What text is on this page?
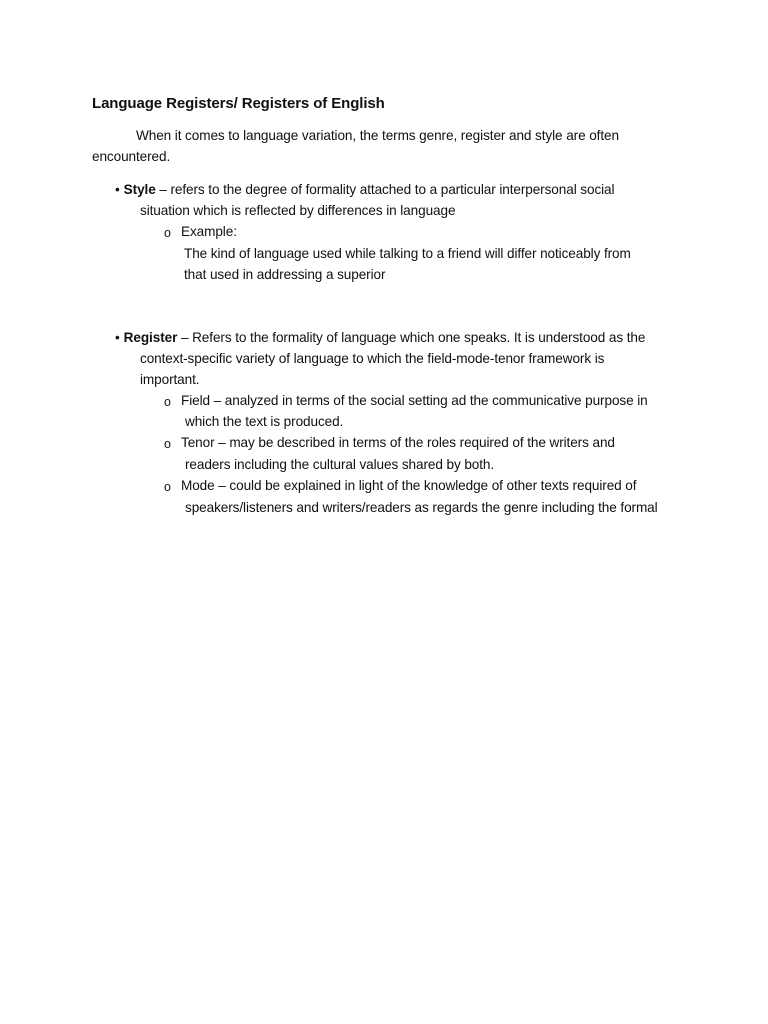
Language Registers/ Registers of English

When it comes to language variation, the terms genre, register and style are often

encountered.

• Style – refers to the degree of formality attached to a particular interpersonal social

situation which is reflected by differences in language

o Example:

The kind of language used while talking to a friend will differ noticeably from

that used in addressing a superior

• Register – Refers to the formality of language which one speaks. It is understood as the

context-specific variety of language to which the field-mode-tenor framework is

important.

o Field – analyzed in terms of the social setting ad the communicative purpose in

which the text is produced.

o Tenor – may be described in terms of the roles required of the writers and

readers including the cultural values shared by both.

o Mode – could be explained in light of the knowledge of other texts required of

speakers/listeners and writers/readers as regards the genre including the formal
